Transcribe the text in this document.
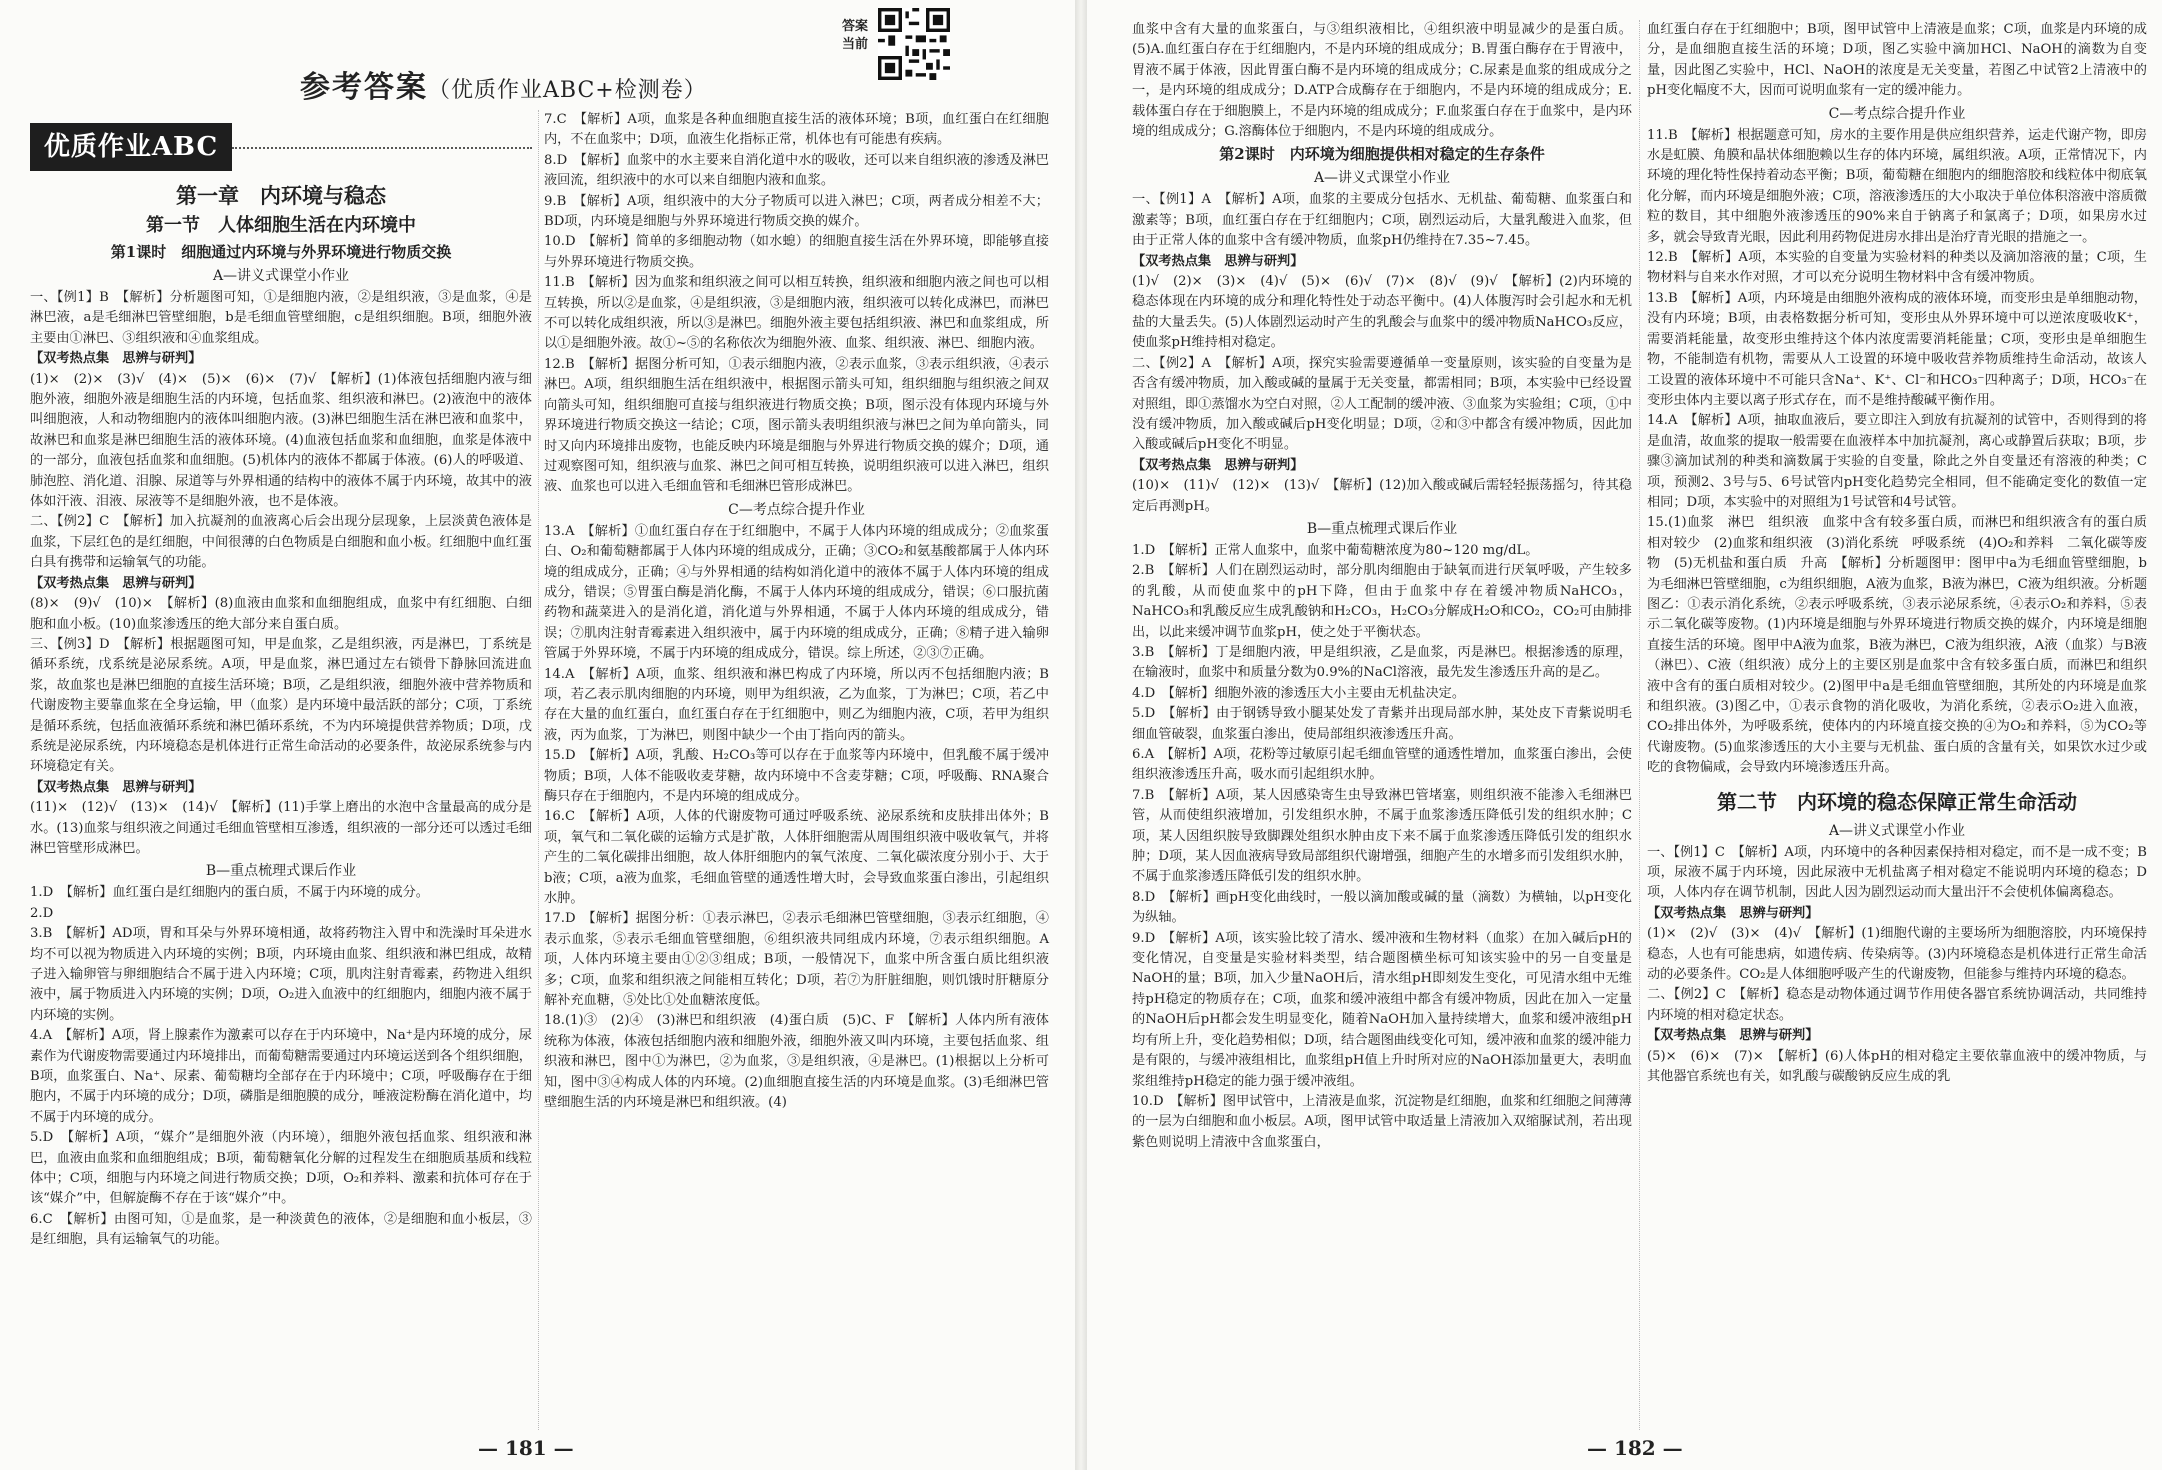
参考答案（优质作业ABC+检测卷）
答案当前
优质作业ABC
第一章　内环境与稳态
第一节　人体细胞生活在内环境中
第1课时　细胞通过内环境与外界环境进行物质交换
A—讲义式课堂小作业

一、【例1】B　【解析】分析题图可知，①是细胞内液，②是组织液，③是血浆，④是淋巴液，a是毛细淋巴管壁细胞，b是毛细血管壁细胞，c是组织细胞。B项，细胞外液主要由①淋巴、③组织液和④血浆组成。

【双考热点集　思辨与研判】

(1)×　(2)×　(3)√　(4)×　(5)×　(6)×　(7)√　【解析】(1)体液包括细胞内液与细胞外液，细胞外液是细胞生活的内环境，包括血浆、组织液和淋巴。(2)液泡中的液体叫细胞液，人和动物细胞内的液体叫细胞内液。(3)淋巴细胞生活在淋巴液和血浆中，故淋巴和血浆是淋巴细胞生活的液体环境。(4)血液包括血浆和血细胞，血浆是体液中的一部分，血液包括血浆和血细胞。(5)机体内的液体不都属于体液。(6)人的呼吸道、肺泡腔、消化道、泪腺、尿道等与外界相通的结构中的液体不属于内环境，故其中的液体如汗液、泪液、尿液等不是细胞外液，也不是体液。

二、【例2】C　【解析】加入抗凝剂的血液离心后会出现分层现象，上层淡黄色液体是血浆，下层红色的是红细胞，中间很薄的白色物质是白细胞和血小板。红细胞中血红蛋白具有携带和运输氧气的功能。

【双考热点集　思辨与研判】

(8)×　(9)√　(10)×　【解析】(8)血液由血浆和血细胞组成，血浆中有红细胞、白细胞和血小板。(10)血浆渗透压的绝大部分来自蛋白质。

三、【例3】D　【解析】根据题图可知，甲是血浆，乙是组织液，丙是淋巴，丁系统是循环系统，戊系统是泌尿系统。A项，甲是血浆，淋巴通过左右锁骨下静脉回流进血浆，故血浆也是淋巴细胞的直接生活环境；B项，乙是组织液，细胞外液中营养物质和代谢废物主要靠血浆在全身运输，甲（血浆）是内环境中最活跃的部分；C项，丁系统是循环系统，包括血液循环系统和淋巴循环系统，不为内环境提供营养物质；D项，戊系统是泌尿系统，内环境稳态是机体进行正常生命活动的必要条件，故泌尿系统参与内环境稳定有关。

【双考热点集　思辨与研判】

(11)×　(12)√　(13)×　(14)√　【解析】(11)手掌上磨出的水泡中含量最高的成分是水。(13)血浆与组织液之间通过毛细血管壁相互渗透，组织液的一部分还可以透过毛细淋巴管壁形成淋巴。

B—重点梳理式课后作业

1.D　【解析】血红蛋白是红细胞内的蛋白质，不属于内环境的成分。

2.D

3.B　【解析】AD项，胃和耳朵与外界环境相通，故将药物注入胃中和洗澡时耳朵进水均不可以视为物质进入内环境的实例；B项，内环境由血浆、组织液和淋巴组成，故精子进入输卵管与卵细胞结合不属于进入内环境；C项，肌肉注射青霉素，药物进入组织液中，属于物质进入内环境的实例；D项，O₂进入血液中的红细胞内，细胞内液不属于内环境的实例。

4.A　【解析】A项，肾上腺素作为激素可以存在于内环境中，Na⁺是内环境的成分，尿素作为代谢废物需要通过内环境排出，而葡萄糖需要通过内环境运送到各个组织细胞，B项，血浆蛋白、Na⁺、尿素、葡萄糖均全部存在于内环境中；C项，呼吸酶存在于细胞内，不属于内环境的成分；D项，磷脂是细胞膜的成分，唾液淀粉酶在消化道中，均不属于内环境的成分。

5.D　【解析】A项，“媒介”是细胞外液（内环境），细胞外液包括血浆、组织液和淋巴，血液由血浆和血细胞组成；B项，葡萄糖氧化分解的过程发生在细胞质基质和线粒体中；C项，细胞与内环境之间进行物质交换；D项，O₂和养料、激素和抗体可存在于该“媒介”中，但解旋酶不存在于该“媒介”中。

6.C　【解析】由图可知，①是血浆，是一种淡黄色的液体，②是细胞和血小板层，③是红细胞，具有运输氧气的功能。

7.C　【解析】A项，血浆是各种血细胞直接生活的液体环境；B项，血红蛋白在红细胞内，不在血浆中；D项，血液生化指标正常，机体也有可能患有疾病。

8.D　【解析】血浆中的水主要来自消化道中水的吸收，还可以来自组织液的渗透及淋巴液回流，组织液中的水可以来自细胞内液和血浆。

9.B　【解析】A项，组织液中的大分子物质可以进入淋巴；C项，两者成分相差不大；BD项，内环境是细胞与外界环境进行物质交换的媒介。

10.D　【解析】简单的多细胞动物（如水螅）的细胞直接生活在外界环境，即能够直接与外界环境进行物质交换。

11.B　【解析】因为血浆和组织液之间可以相互转换，组织液和细胞内液之间也可以相互转换，所以②是血浆，④是组织液，③是细胞内液，组织液可以转化成淋巴，而淋巴不可以转化成组织液，所以③是淋巴。细胞外液主要包括组织液、淋巴和血浆组成，所以①是细胞外液。故①~⑤的名称依次为细胞外液、血浆、组织液、淋巴、细胞内液。

12.B　【解析】据图分析可知，①表示细胞内液，②表示血浆，③表示组织液，④表示淋巴。A项，组织细胞生活在组织液中，根据图示箭头可知，组织细胞与组织液之间双向箭头可知，组织细胞可直接与组织液进行物质交换；B项，图示没有体现内环境与外界环境进行物质交换这一结论；C项，图示箭头表明组织液与淋巴之间为单向箭头，同时又向内环境排出废物，也能反映内环境是细胞与外界进行物质交换的媒介；D项，通过观察图可知，组织液与血浆、淋巴之间可相互转换，说明组织液可以进入淋巴，组织液、血浆也可以进入毛细血管和毛细淋巴管形成淋巴。

C—考点综合提升作业

13.A　【解析】①血红蛋白存在于红细胞中，不属于人体内环境的组成成分；②血浆蛋白、O₂和葡萄糖都属于人体内环境的组成成分，正确；③CO₂和氨基酸都属于人体内环境的组成成分，正确；④与外界相通的结构如消化道中的液体不属于人体内环境的组成成分，错误；⑤胃蛋白酶是消化酶，不属于人体内环境的组成成分，错误；⑥口服抗菌药物和蔬菜进入的是消化道，消化道与外界相通，不属于人体内环境的组成成分，错误；⑦肌肉注射青霉素进入组织液中，属于内环境的组成成分，正确；⑧精子进入输卵管属于外界环境，不属于内环境的组成成分，错误。综上所述，②③⑦正确。

14.A　【解析】A项，血浆、组织液和淋巴构成了内环境，所以丙不包括细胞内液；B项，若乙表示肌肉细胞的内环境，则甲为组织液，乙为血浆，丁为淋巴；C项，若乙中存在大量的血红蛋白，血红蛋白存在于红细胞中，则乙为细胞内液，C项，若甲为组织液，丙为血浆，丁为淋巴，则图中缺少一个由丁指向丙的箭头。

15.D　【解析】A项，乳酸、H₂CO₃等可以存在于血浆等内环境中，但乳酸不属于缓冲物质；B项，人体不能吸收麦芽糖，故内环境中不含麦芽糖；C项，呼吸酶、RNA聚合酶只存在于细胞内，不是内环境的组成成分。

16.C　【解析】A项，人体的代谢废物可通过呼吸系统、泌尿系统和皮肤排出体外；B项，氧气和二氧化碳的运输方式是扩散，人体肝细胞需从周围组织液中吸收氧气，并将产生的二氧化碳排出细胞，故人体肝细胞内的氧气浓度、二氧化碳浓度分别小于、大于b液；C项，a液为血浆，毛细血管壁的通透性增大时，会导致血浆蛋白渗出，引起组织水肿。

17.D　【解析】据图分析：①表示淋巴，②表示毛细淋巴管壁细胞，③表示红细胞，④表示血浆，⑤表示毛细血管壁细胞，⑥组织液共同组成内环境，⑦表示组织细胞。A项，人体内环境主要由①②③组成；B项，一般情况下，血浆中所含蛋白质比组织液多；C项，血浆和组织液之间能相互转化；D项，若⑦为肝脏细胞，则饥饿时肝糖原分解补充血糖，⑤处比①处血糖浓度低。

18.(1)③　(2)④　(3)淋巴和组织液　(4)蛋白质　(5)C、F　【解析】人体内所有液体统称为体液，体液包括细胞内液和细胞外液，细胞外液又叫内环境，主要包括血浆、组织液和淋巴，图中①为淋巴，②为血浆，③是组织液，④是淋巴。(1)根据以上分析可知，图中③④构成人体的内环境。(2)血细胞直接生活的内环境是血浆。(3)毛细淋巴管壁细胞生活的内环境是淋巴和组织液。(4)

— 181 —

血浆中含有大量的血浆蛋白，与③组织液相比，④组织液中明显减少的是蛋白质。(5)A.血红蛋白存在于红细胞内，不是内环境的组成成分；B.胃蛋白酶存在于胃液中，胃液不属于体液，因此胃蛋白酶不是内环境的组成成分；C.尿素是血浆的组成成分之一，是内环境的组成成分；D.ATP合成酶存在于细胞内，不是内环境的组成成分；E.载体蛋白存在于细胞膜上，不是内环境的组成成分；F.血浆蛋白存在于血浆中，是内环境的组成成分；G.溶酶体位于细胞内，不是内环境的组成成分。

第2课时　内环境为细胞提供相对稳定的生存条件
A—讲义式课堂小作业

一、【例1】A　【解析】A项，血浆的主要成分包括水、无机盐、葡萄糖、血浆蛋白和激素等；B项，血红蛋白存在于红细胞内；C项，剧烈运动后，大量乳酸进入血浆，但由于正常人体的血浆中含有缓冲物质，血浆pH仍维持在7.35~7.45。

【双考热点集　思辨与研判】

(1)√　(2)×　(3)×　(4)√　(5)×　(6)√　(7)×　(8)√　(9)√　【解析】(2)内环境的稳态体现在内环境的成分和理化特性处于动态平衡中。(4)人体腹泻时会引起水和无机盐的大量丢失。(5)人体剧烈运动时产生的乳酸会与血浆中的缓冲物质NaHCO₃反应，使血浆pH维持相对稳定。

二、【例2】A　【解析】A项，探究实验需要遵循单一变量原则，该实验的自变量为是否含有缓冲物质，加入酸或碱的量属于无关变量，都需相同；B项，本实验中已经设置对照组，即①蒸馏水为空白对照，②人工配制的缓冲液、③血浆为实验组；C项，①中没有缓冲物质，加入酸或碱后pH变化明显；D项，②和③中都含有缓冲物质，因此加入酸或碱后pH变化不明显。

【双考热点集　思辨与研判】

(10)×　(11)√　(12)×　(13)√　【解析】(12)加入酸或碱后需轻轻振荡摇匀，待其稳定后再测pH。

B—重点梳理式课后作业

1.D　【解析】正常人血浆中，血浆中葡萄糖浓度为80~120 mg/dL。

2.B　【解析】人们在剧烈运动时，部分肌肉细胞由于缺氧而进行厌氧呼吸，产生较多的乳酸，从而使血浆中的pH下降，但由于血浆中存在着缓冲物质NaHCO₃，NaHCO₃和乳酸反应生成乳酸钠和H₂CO₃，H₂CO₃分解成H₂O和CO₂，CO₂可由肺排出，以此来缓冲调节血浆pH，使之处于平衡状态。

3.B　【解析】丁是细胞内液，甲是组织液，乙是血浆，丙是淋巴。根据渗透的原理，在输液时，血浆中和质量分数为0.9%的NaCl溶液，最先发生渗透压升高的是乙。

4.D　【解析】细胞外液的渗透压大小主要由无机盐决定。

5.D　【解析】由于钢锈导致小腿某处发了青紫并出现局部水肿，某处皮下青紫说明毛细血管破裂，血浆蛋白渗出，使局部组织液渗透压升高。

6.A　【解析】A项，花粉等过敏原引起毛细血管壁的通透性增加，血浆蛋白渗出，会使组织液渗透压升高，吸水而引起组织水肿。

7.B　【解析】A项，某人因感染寄生虫导致淋巴管堵塞，则组织液不能渗入毛细淋巴管，从而使组织液增加，引发组织水肿，不属于血浆渗透压降低引发的组织水肿；C项，某人因组织胺导致脚踝处组织水肿由皮下来不属于血浆渗透压降低引发的组织水肿；D项，某人因血液病导致局部组织代谢增强，细胞产生的水增多而引发组织水肿，不属于血浆渗透压降低引发的组织水肿。

8.D　【解析】画pH变化曲线时，一般以滴加酸或碱的量（滴数）为横轴，以pH变化为纵轴。

9.D　【解析】A项，该实验比较了清水、缓冲液和生物材料（血浆）在加入碱后pH的变化情况，自变量是实验材料类型，结合题图横坐标可知该实验中的另一自变量是NaOH的量；B项，加入少量NaOH后，清水组pH即刻发生变化，可见清水组中无维持pH稳定的物质存在；C项，血浆和缓冲液组中都含有缓冲物质，因此在加入一定量的NaOH后pH都会发生明显变化，随着NaOH加入量持续增大，血浆和缓冲液组pH均有所上升，变化趋势相似；D项，结合题图曲线变化可知，缓冲液和血浆的缓冲能力是有限的，与缓冲液组相比，血浆组pH值上升时所对应的NaOH添加量更大，表明血浆组维持pH稳定的能力强于缓冲液组。

10.D　【解析】图甲试管中，上清液是血浆，沉淀物是红细胞，血浆和红细胞之间薄薄的一层为白细胞和血小板层。A项，图甲试管中取适量上清液加入双缩脲试剂，若出现紫色则说明上清液中含血浆蛋白，

血红蛋白存在于红细胞中；B项，图甲试管中上清液是血浆；C项，血浆是内环境的成分，是血细胞直接生活的环境；D项，图乙实验中滴加HCl、NaOH的滴数为自变量，因此图乙实验中，HCl、NaOH的浓度是无关变量，若图乙中试管2上清液中的pH变化幅度不大，因而可说明血浆有一定的缓冲能力。

C—考点综合提升作业

11.B　【解析】根据题意可知，房水的主要作用是供应组织营养，运走代谢产物，即房水是虹膜、角膜和晶状体细胞赖以生存的体内环境，属组织液。A项，正常情况下，内环境的理化特性保持着动态平衡；B项，葡萄糖在细胞内的细胞溶胶和线粒体中彻底氧化分解，而内环境是细胞外液；C项，溶液渗透压的大小取决于单位体积溶液中溶质微粒的数目，其中细胞外液渗透压的90%来自于钠离子和氯离子；D项，如果房水过多，就会导致青光眼，因此利用药物促进房水排出是治疗青光眼的措施之一。

12.B　【解析】A项，本实验的自变量为实验材料的种类以及滴加溶液的量；C项，生物材料与自来水作对照，才可以充分说明生物材料中含有缓冲物质。

13.B　【解析】A项，内环境是由细胞外液构成的液体环境，而变形虫是单细胞动物，没有内环境；B项，由表格数据分析可知，变形虫从外界环境中可以逆浓度吸收K⁺，需要消耗能量，故变形虫维持这个体内浓度需要消耗能量；C项，变形虫是单细胞生物，不能制造有机物，需要从人工设置的环境中吸收营养物质维持生命活动，故该人工设置的液体环境中不可能只含Na⁺、K⁺、Cl⁻和HCO₃⁻四种离子；D项，HCO₃⁻在变形虫体内主要以离子形式存在，而不是维持酸碱平衡作用。

14.A　【解析】A项，抽取血液后，要立即注入到放有抗凝剂的试管中，否则得到的将是血清，故血浆的提取一般需要在血液样本中加抗凝剂，离心或静置后获取；B项，步骤③滴加试剂的种类和滴数属于实验的自变量，除此之外自变量还有溶液的种类；C项，预测2、3号与5、6号试管内pH变化趋势完全相同，但不能确定变化的数值一定相同；D项，本实验中的对照组为1号试管和4号试管。

15.(1)血浆　淋巴　组织液　血浆中含有较多蛋白质，而淋巴和组织液含有的蛋白质相对较少　(2)血浆和组织液　(3)消化系统　呼吸系统　(4)O₂和养料　二氧化碳等废物　(5)无机盐和蛋白质　升高　【解析】分析题图甲：图甲中a为毛细血管壁细胞，b为毛细淋巴管壁细胞，c为组织细胞，A液为血浆，B液为淋巴，C液为组织液。分析题图乙：①表示消化系统，②表示呼吸系统，③表示泌尿系统，④表示O₂和养料，⑤表示二氧化碳等废物。(1)内环境是细胞与外界环境进行物质交换的媒介，内环境是细胞直接生活的环境。图甲中A液为血浆，B液为淋巴，C液为组织液，A液（血浆）与B液（淋巴）、C液（组织液）成分上的主要区别是血浆中含有较多蛋白质，而淋巴和组织液中含有的蛋白质相对较少。(2)图甲中a是毛细血管壁细胞，其所处的内环境是血浆和组织液。(3)图乙中，①表示食物的消化吸收，为消化系统，②表示O₂进入血液，CO₂排出体外，为呼吸系统，使体内的内环境直接交换的④为O₂和养料，⑤为CO₂等代谢废物。(5)血浆渗透压的大小主要与无机盐、蛋白质的含量有关，如果饮水过少或吃的食物偏咸，会导致内环境渗透压升高。

第二节　内环境的稳态保障正常生命活动
A—讲义式课堂小作业

一、【例1】C　【解析】A项，内环境中的各种因素保持相对稳定，而不是一成不变；B项，尿液不属于内环境，因此尿液中无机盐离子相对稳定不能说明内环境的稳态；D项，人体内存在调节机制，因此人因为剧烈运动而大量出汗不会使机体偏离稳态。

【双考热点集　思辨与研判】

(1)×　(2)√　(3)×　(4)√　【解析】(1)细胞代谢的主要场所为细胞溶胶，内环境保持稳态，人也有可能患病，如遗传病、传染病等。(3)内环境稳态是机体进行正常生命活动的必要条件。CO₂是人体细胞呼吸产生的代谢废物，但能参与维持内环境的稳态。

二、【例2】C　【解析】稳态是动物体通过调节作用使各器官系统协调活动，共同维持内环境的相对稳定状态。

【双考热点集　思辨与研判】

(5)×　(6)×　(7)×　【解析】(6)人体pH的相对稳定主要依靠血液中的缓冲物质，与其他器官系统也有关，如乳酸与碳酸钠反应生成的乳

— 182 —
